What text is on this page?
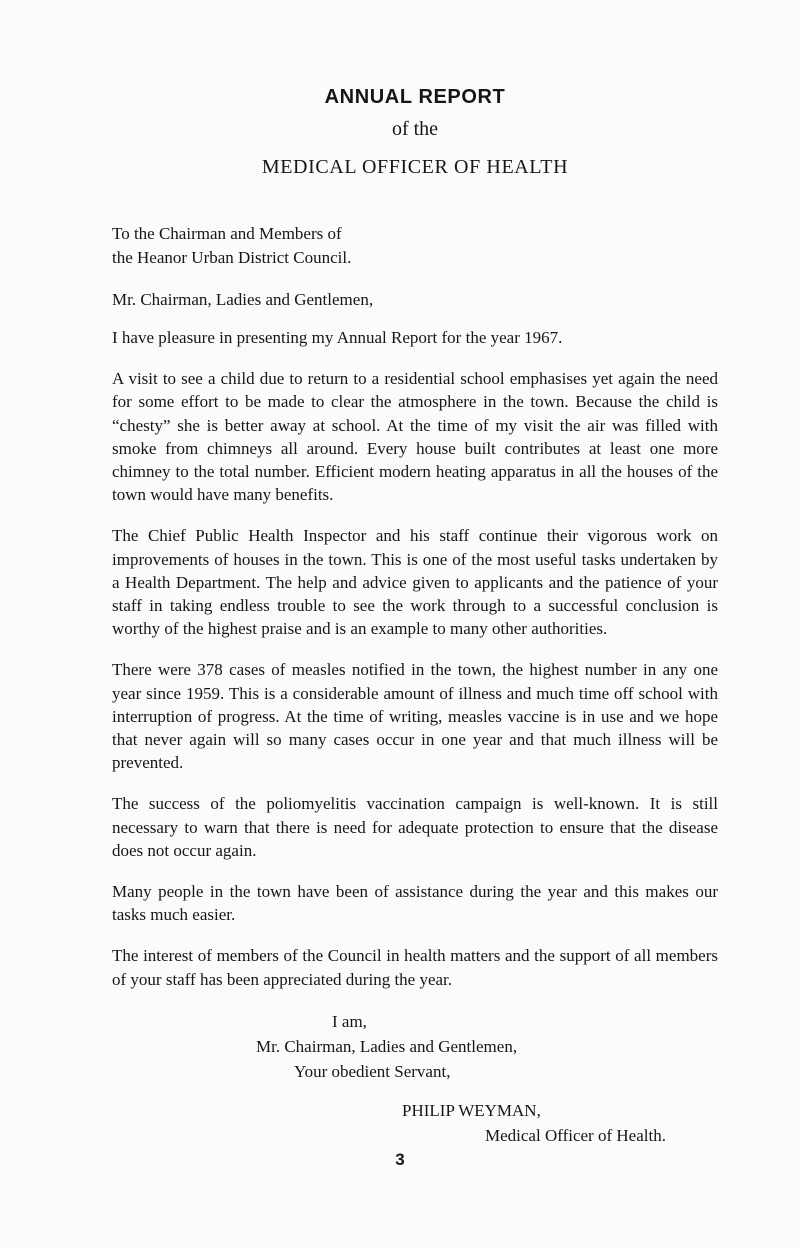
ANNUAL REPORT
of the
MEDICAL OFFICER OF HEALTH
To the Chairman and Members of
the Heanor Urban District Council.
Mr. Chairman, Ladies and Gentlemen,

I have pleasure in presenting my Annual Report for the year 1967.

A visit to see a child due to return to a residential school emphasises yet again the need for some effort to be made to clear the atmosphere in the town. Because the child is “chesty” she is better away at school. At the time of my visit the air was filled with smoke from chimneys all around. Every house built contributes at least one more chimney to the total number. Efficient modern heating apparatus in all the houses of the town would have many benefits.

The Chief Public Health Inspector and his staff continue their vigorous work on improvements of houses in the town. This is one of the most useful tasks undertaken by a Health Department. The help and advice given to applicants and the patience of your staff in taking endless trouble to see the work through to a successful conclusion is worthy of the highest praise and is an example to many other authorities.

There were 378 cases of measles notified in the town, the highest number in any one year since 1959. This is a considerable amount of illness and much time off school with interruption of progress. At the time of writing, measles vaccine is in use and we hope that never again will so many cases occur in one year and that much illness will be prevented.

The success of the poliomyelitis vaccination campaign is well-known. It is still necessary to warn that there is need for adequate protection to ensure that the disease does not occur again.

Many people in the town have been of assistance during the year and this makes our tasks much easier.

The interest of members of the Council in health matters and the support of all members of your staff has been appreciated during the year.

I am,
Mr. Chairman, Ladies and Gentlemen,
Your obedient Servant,
PHILIP WEYMAN,
Medical Officer of Health.
3
